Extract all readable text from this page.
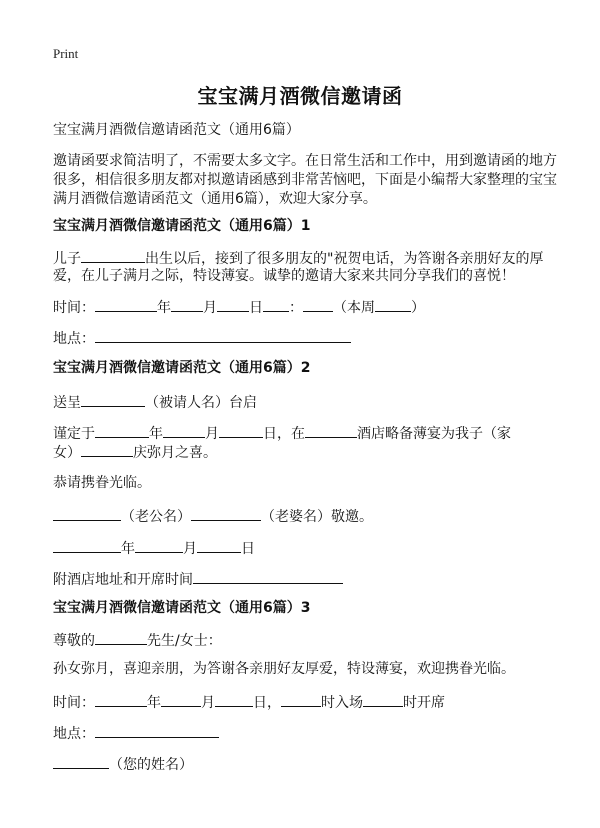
Print
宝宝满月酒微信邀请函
宝宝满月酒微信邀请函范文（通用6篇）
邀请函要求简洁明了，不需要太多文字。在日常生活和工作中，用到邀请函的地方
很多，相信很多朋友都对拟邀请函感到非常苦恼吧，下面是小编帮大家整理的宝宝
满月酒微信邀请函范文（通用6篇），欢迎大家分享。
宝宝满月酒微信邀请函范文（通用6篇）1
儿子	出生以后，接到了很多朋友的"祝贺电话，为答谢各亲朋好友的厚
爱，在儿子满月之际，特设薄宴。诚挚的邀请大家来共同分享我们的喜悦！
时间：	年 月 日 ： （本周	）
地点：
宝宝满月酒微信邀请函范文（通用6篇）2
送呈	（被请人名）台启
谨定于	年	月	日，在	酒店略备薄宴为我子（家
女）	庆弥月之喜。
恭请携眷光临。
（老公名）	（老婆名）敬邀。
年	月	日
附酒店地址和开席时间
宝宝满月酒微信邀请函范文（通用6篇）3
尊敬的	先生/女士：
孙女弥月，喜迎亲朋，为答谢各亲朋好友厚爱，特设薄宴，欢迎携眷光临。
时间：	年	月	日，	时入场	时开席
地点：
（您的姓名）
